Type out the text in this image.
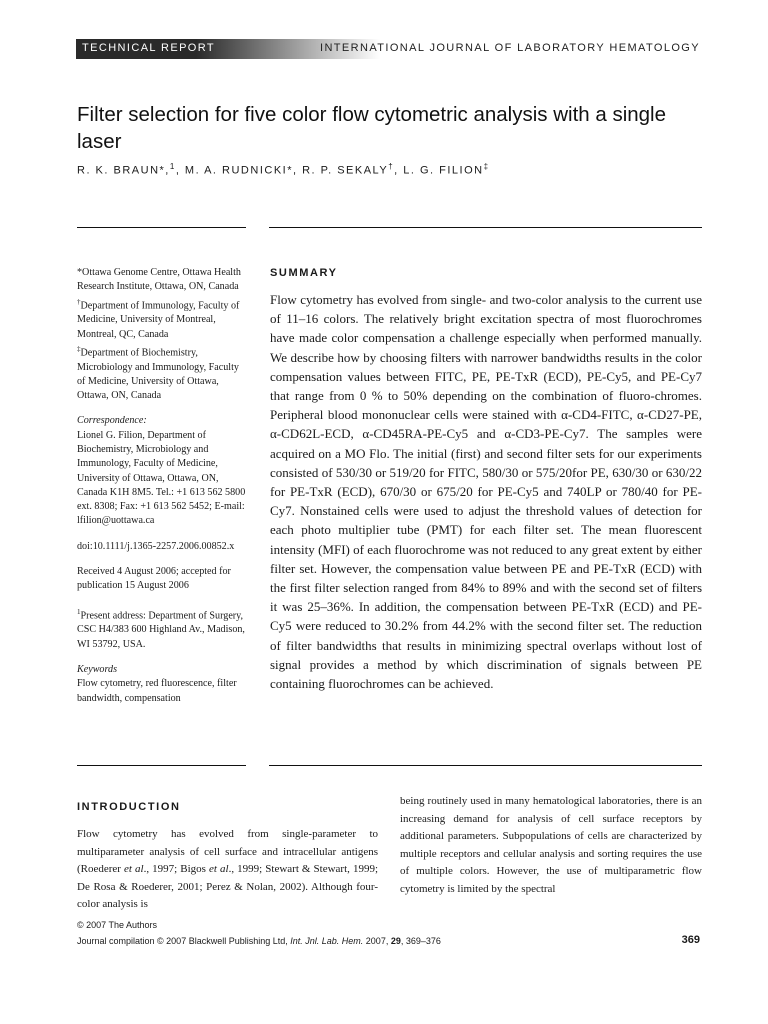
TECHNICAL REPORT	INTERNATIONAL JOURNAL OF LABORATORY HEMATOLOGY
Filter selection for five color flow cytometric analysis with a single laser
R. K. BRAUN*,$^1$, M. A. RUDNICKI*, R. P. SEKALY†, L. G. FILION‡

*Ottawa Genome Centre, Ottawa Health Research Institute, Ottawa, ON, Canada

†Department of Immunology, Faculty of Medicine, University of Montreal, Montreal, QC, Canada

‡Department of Biochemistry, Microbiology and Immunology, Faculty of Medicine, University of Ottawa, Ottawa, ON, Canada

Correspondence:

Lionel G. Filion, Department of Biochemistry, Microbiology and Immunology, Faculty of Medicine, University of Ottawa, Ottawa, ON, Canada K1H 8M5. Tel.: +1 613 562 5800 ext. 8308; Fax: +1 613 562 5452; E-mail: lfilion@uottawa.ca

doi:10.1111/j.1365-2257.2006.00852.x

Received 4 August 2006; accepted for publication 15 August 2006

$^1$Present address: Department of Surgery, CSC H4/383 600 Highland Av., Madison, WI 53792, USA.

Keywords

Flow cytometry, red fluorescence, filter bandwidth, compensation

SUMMARY

Flow cytometry has evolved from single- and two-color analysis to the current use of 11–16 colors. The relatively bright excitation spectra of most fluorochromes have made color compensation a challenge especially when performed manually. We describe how by choosing filters with narrower bandwidths results in the color compensation values between FITC, PE, PE-TxR (ECD), PE-Cy5, and PE-Cy7 that range from 0 % to 50% depending on the combination of fluoro-chromes. Peripheral blood mononuclear cells were stained with α-CD4-FITC, α-CD27-PE, α-CD62L-ECD, α-CD45RA-PE-Cy5 and α-CD3-PE-Cy7. The samples were acquired on a MO Flo. The initial (first) and second filter sets for our experiments consisted of 530/30 or 519/20 for FITC, 580/30 or 575/20for PE, 630/30 or 630/22 for PE-TxR (ECD), 670/30 or 675/20 for PE-Cy5 and 740LP or 780/40 for PE-Cy7. Nonstained cells were used to adjust the threshold values of detection for each photo multiplier tube (PMT) for each filter set. The mean fluorescent intensity (MFI) of each fluorochrome was not reduced to any great extent by either filter set. However, the compensation value between PE and PE-TxR (ECD) with the first filter selection ranged from 84% to 89% and with the second set of filters it was 25–36%. In addition, the compensation between PE-TxR (ECD) and PE-Cy5 were reduced to 30.2% from 44.2% with the second filter set. The reduction of filter bandwidths that results in minimizing spectral overlaps without lost of signal provides a method by which discrimination of signals between PE containing fluorochromes can be achieved.

INTRODUCTION

Flow cytometry has evolved from single-parameter to multiparameter analysis of cell surface and intracellular antigens (Roederer et al., 1997; Bigos et al., 1999; Stewart & Stewart, 1999; De Rosa & Roederer, 2001; Perez & Nolan, 2002). Although four-color analysis is

being routinely used in many hematological laboratories, there is an increasing demand for analysis of cell surface receptors by additional parameters. Subpopulations of cells are characterized by multiple receptors and cellular analysis and sorting requires the use of multiple colors. However, the use of multiparametric flow cytometry is limited by the spectral

© 2007 The Authors
Journal compilation © 2007 Blackwell Publishing Ltd, Int. Jnl. Lab. Hem. 2007, 29, 369–376	369
